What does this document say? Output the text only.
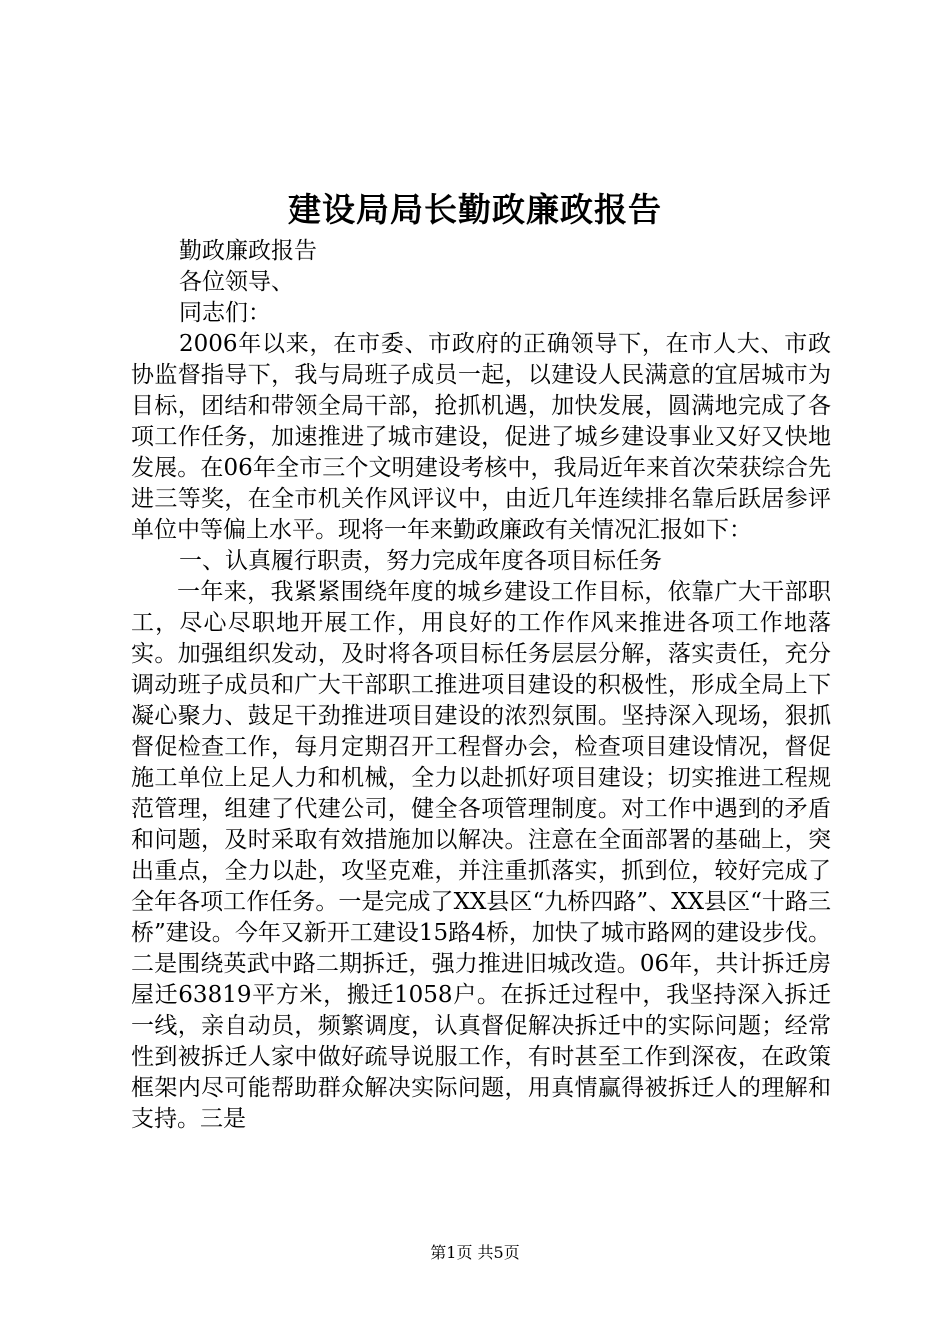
建设局局长勤政廉政报告

勤政廉政报告

各位领导、

同志们：

2006年以来，在市委、市政府的正确领导下，在市人大、市政协监督指导下，我与局班子成员一起，以建设人民满意的宜居城市为目标，团结和带领全局干部，抢抓机遇，加快发展，圆满地完成了各项工作任务，加速推进了城市建设，促进了城乡建设事业又好又快地发展。在06年全市三个文明建设考核中，我局近年来首次荣获综合先进三等奖，在全市机关作风评议中，由近几年连续排名靠后跃居参评单位中等偏上水平。现将一年来勤政廉政有关情况汇报如下：

一、认真履行职责，努力完成年度各项目标任务

一年来，我紧紧围绕年度的城乡建设工作目标，依靠广大干部职工，尽心尽职地开展工作，用良好的工作作风来推进各项工作地落实。加强组织发动，及时将各项目标任务层层分解，落实责任，充分调动班子成员和广大干部职工推进项目建设的积极性，形成全局上下凝心聚力、鼓足干劲推进项目建设的浓烈氛围。坚持深入现场，狠抓督促检查工作，每月定期召开工程督办会，检查项目建设情况，督促施工单位上足人力和机械，全力以赴抓好项目建设；切实推进工程规范管理，组建了代建公司，健全各项管理制度。对工作中遇到的矛盾和问题，及时采取有效措施加以解决。注意在全面部署的基础上，突出重点，全力以赴，攻坚克难，并注重抓落实，抓到位，较好完成了全年各项工作任务。一是完成了XX县区“九桥四路”、XX县区“十路三桥”建设。今年又新开工建设15路4桥，加快了城市路网的建设步伐。二是围绕英武中路二期拆迁，强力推进旧城改造。06年，共计拆迁房屋迁63819平方米，搬迁1058户。在拆迁过程中，我坚持深入拆迁一线，亲自动员，频繁调度，认真督促解决拆迁中的实际问题；经常性到被拆迁人家中做好疏导说服工作，有时甚至工作到深夜，在政策框架内尽可能帮助群众解决实际问题，用真情赢得被拆迁人的理解和支持。三是

第1页 共5页
